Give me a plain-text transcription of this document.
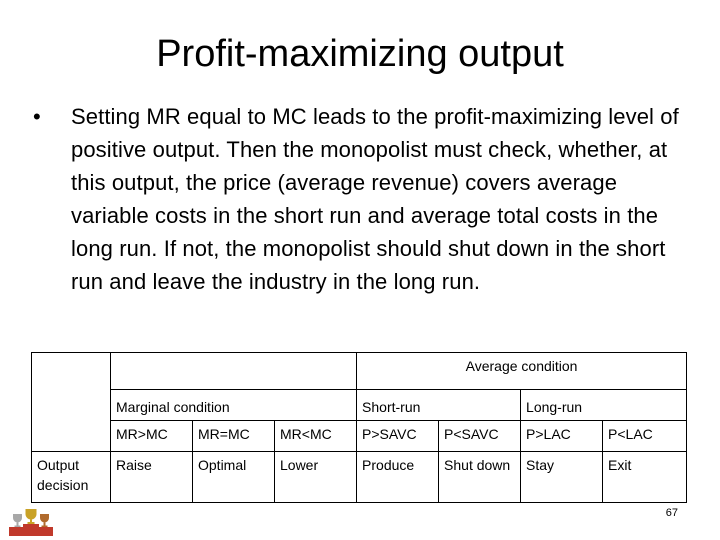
Profit-maximizing output
• Setting MR equal to MC leads to the profit-maximizing level of positive output. Then the monopolist must check, whether, at this output, the price (average revenue) covers average variable costs in the short run and average total costs in the long run. If not, the monopolist should shut down in the short run and leave the industry in the long run.
				Average condition			
	Marginal condition			Short-run		Long-run	
	MR>MC	MR=MC	MR<MC	P>SAVC	P<SAVC	P>LAC	P<LAC
Output decision	Raise	Optimal	Lower	Produce	Shut down	Stay	Exit
67
